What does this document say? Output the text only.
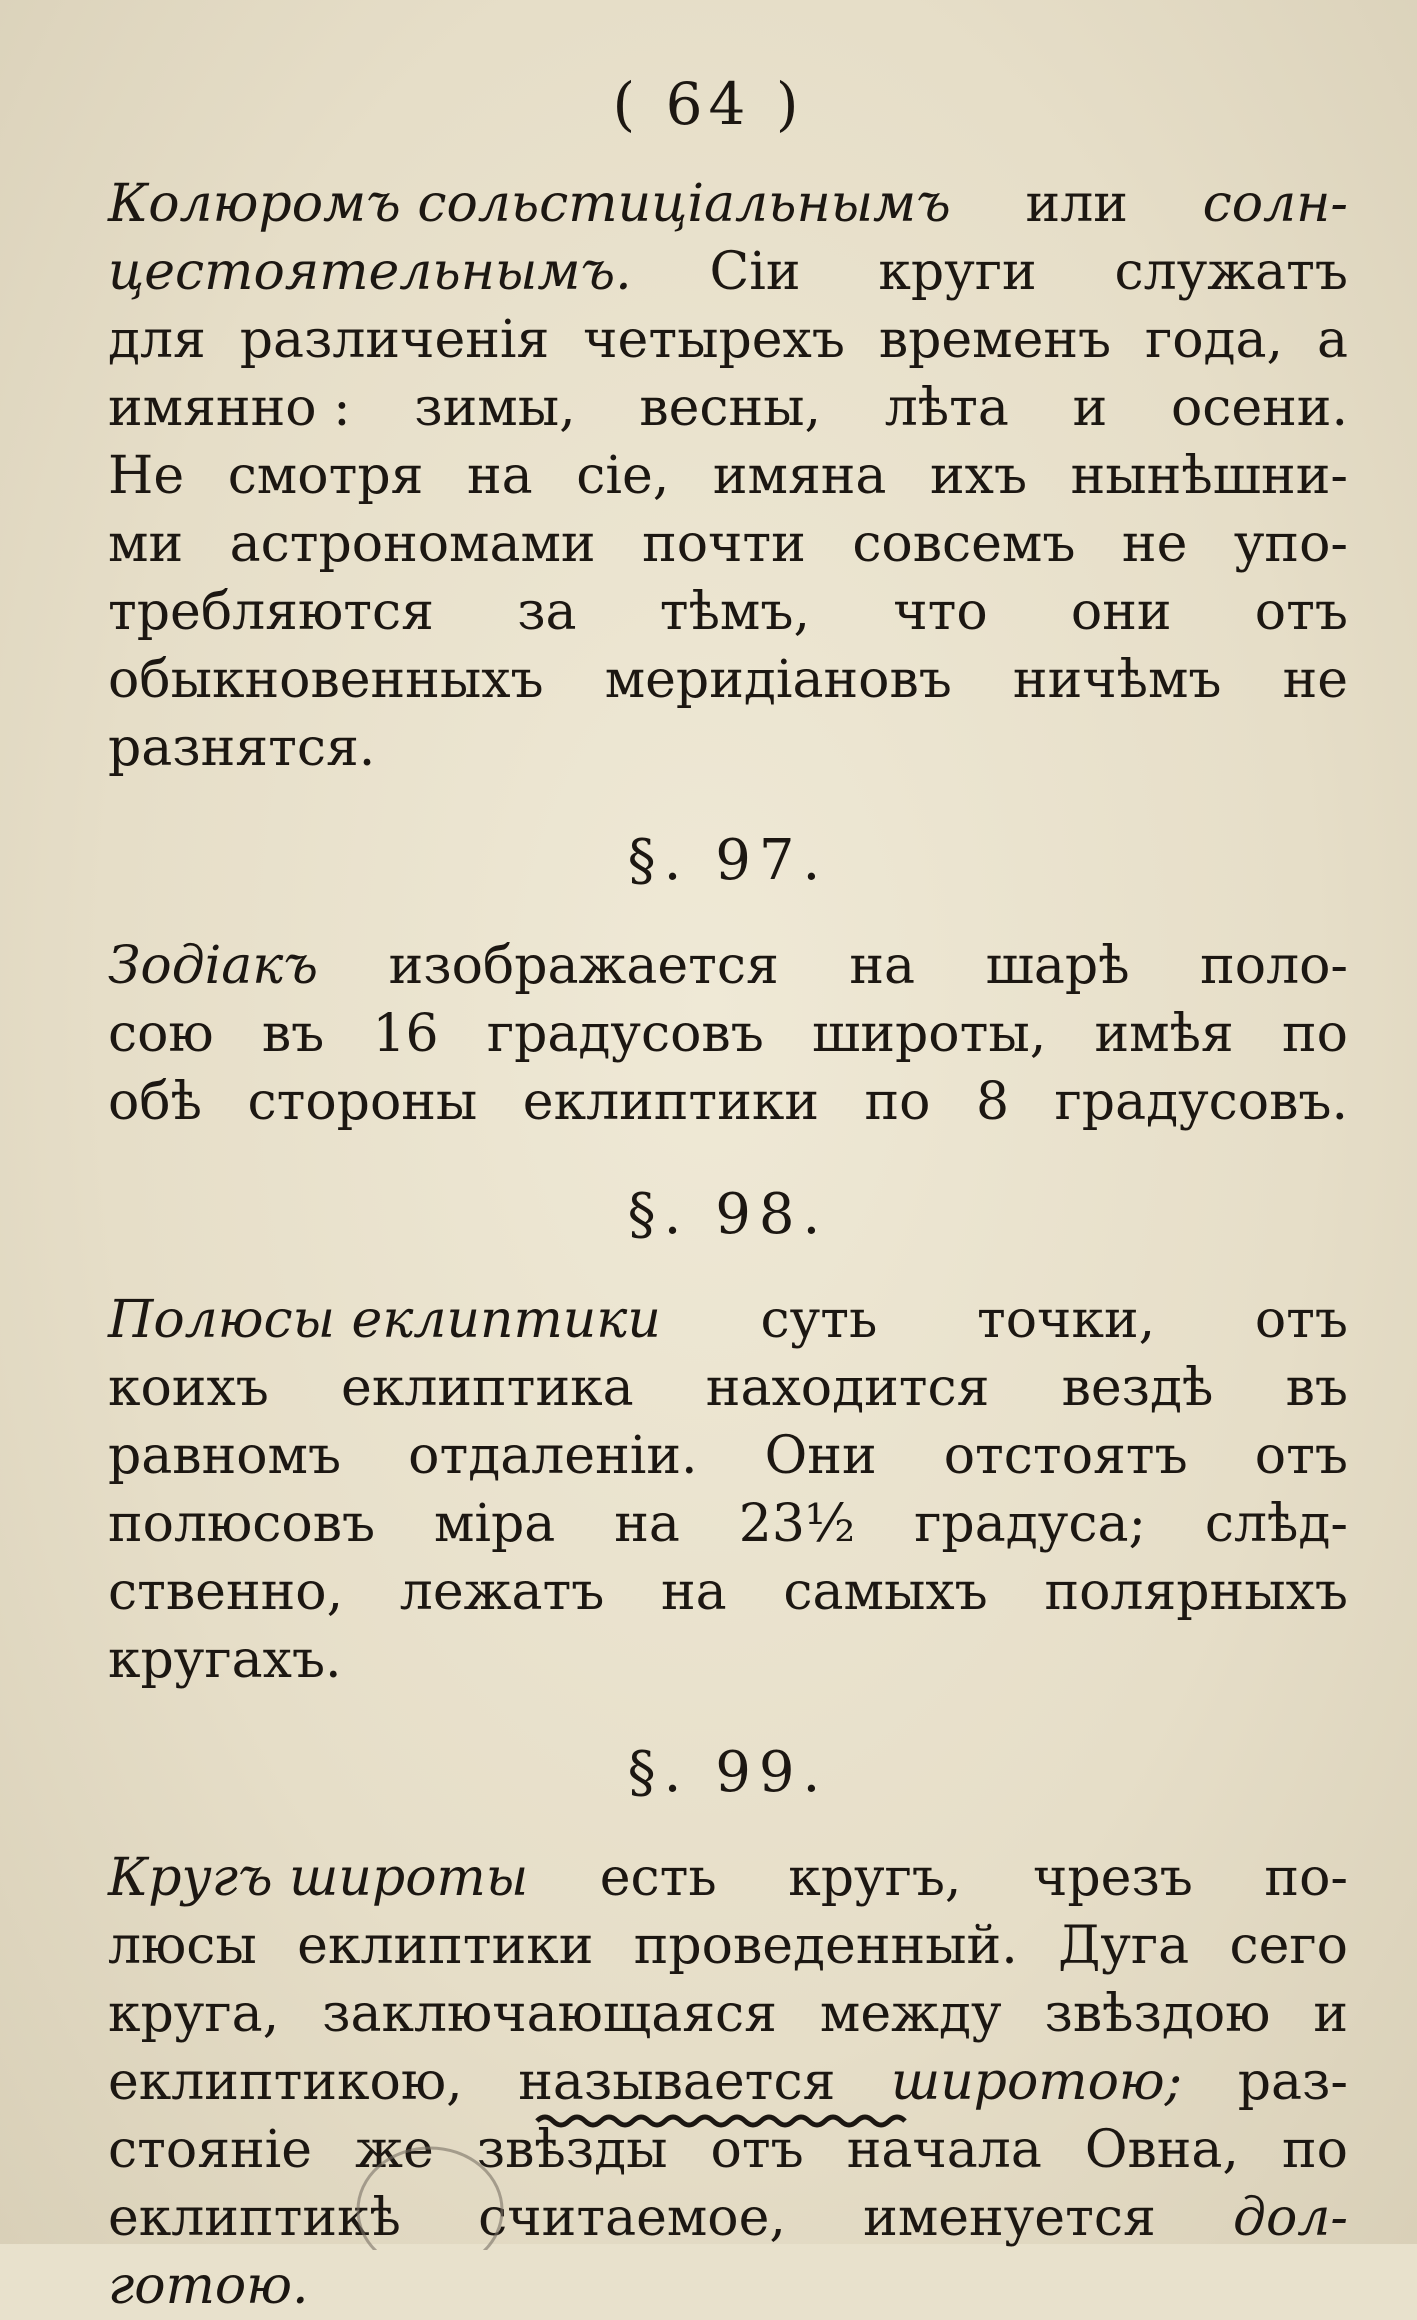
( 64 )
Колюромъ сольстиціальнымъ или солн-
цестоятельнымъ. Сіи круги служатъ
для различенія четырехъ временъ года, а
имянно : зимы, весны, лѣта и осени.
Не смотря на сіе, имяна ихъ нынѣшни-
ми астрономами почти совсемъ не упо-
требляются за тѣмъ, что они отъ
обыкновенныхъ меридіановъ ничѣмъ не
разнятся.
§. 97.
Зодіакъ изображается на шарѣ поло-
сою въ 16 градусовъ широты, имѣя по
обѣ стороны еклиптики по 8 градусовъ.
§. 98.
Полюсы еклиптики суть точки, отъ
коихъ еклиптика находится вездѣ въ
равномъ отдаленіи. Они отстоятъ отъ
полюсовъ міра на 23½ градуса; слѣд-
ственно, лежатъ на самыхъ полярныхъ
кругахъ.
§. 99.
Кругъ широты есть кругъ, чрезъ по-
люсы еклиптики проведенный. Дуга сего
круга, заключающаяся между звѣздою и
еклиптикою, называется широтою; раз-
стояніе же звѣзды отъ начала Овна, по
еклиптикѣ считаемое, именуется дол-
готою.
